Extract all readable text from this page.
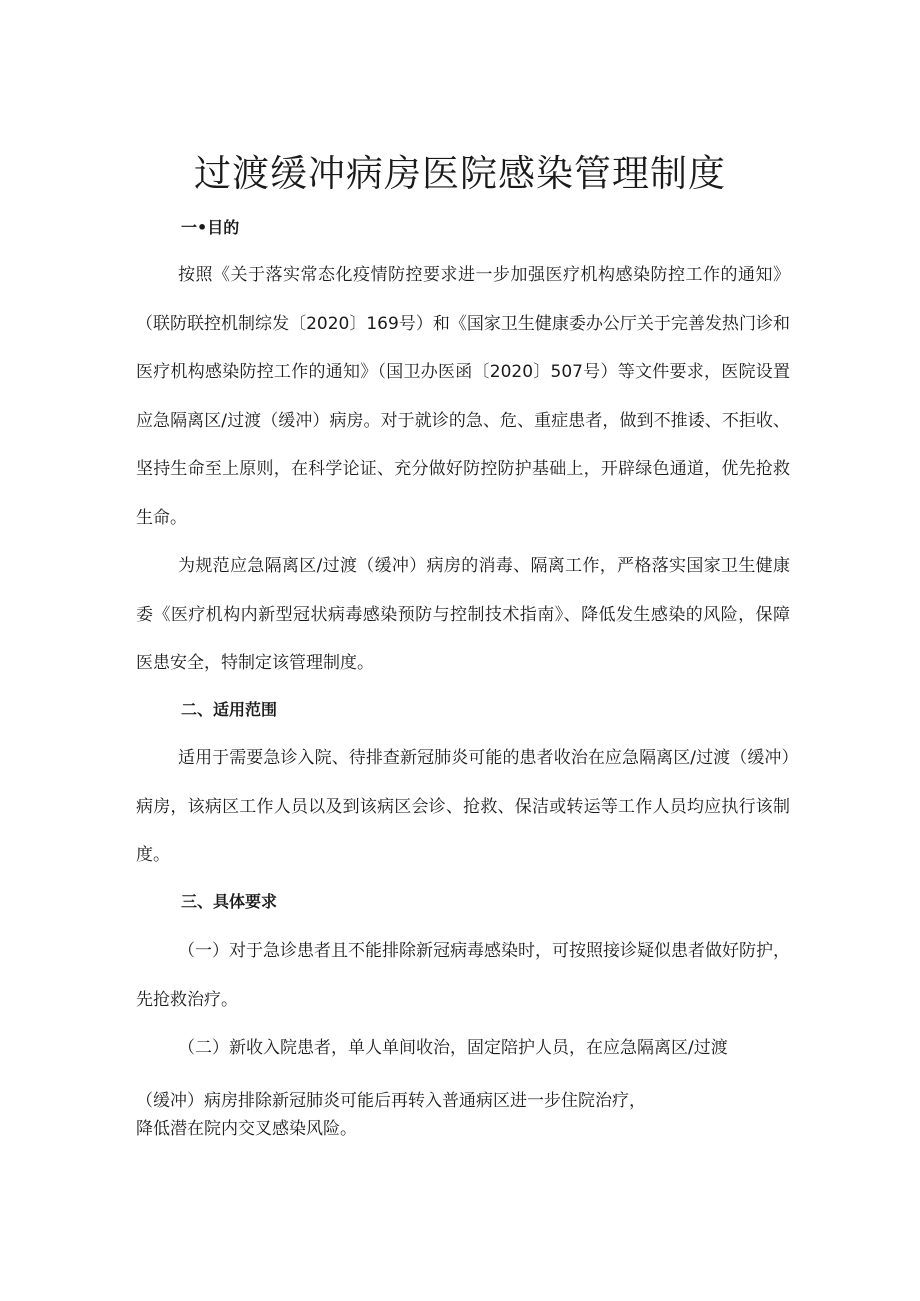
过渡缓冲病房医院感染管理制度
一•目的

按照《关于落实常态化疫情防控要求进一步加强医疗机构感染防控工作的通知》（联防联控机制综发〔2020〕169号）和《国家卫生健康委办公厅关于完善发热门诊和医疗机构感染防控工作的通知》（国卫办医函〔2020〕507号）等文件要求，医院设置应急隔离区/过渡（缓冲）病房。对于就诊的急、危、重症患者，做到不推诿、不拒收、坚持生命至上原则，在科学论证、充分做好防控防护基础上，开辟绿色通道，优先抢救生命。

为规范应急隔离区/过渡（缓冲）病房的消毒、隔离工作，严格落实国家卫生健康委《医疗机构内新型冠状病毒感染预防与控制技术指南》、降低发生感染的风险，保障医患安全，特制定该管理制度。

二、适用范围

适用于需要急诊入院、待排查新冠肺炎可能的患者收治在应急隔离区/过渡（缓冲）病房，该病区工作人员以及到该病区会诊、抢救、保洁或转运等工作人员均应执行该制度。

三、具体要求

（一）对于急诊患者且不能排除新冠病毒感染时，可按照接诊疑似患者做好防护，先抢救治疗。

（二）新收入院患者，单人单间收治，固定陪护人员，在应急隔离区/过渡

（缓冲）病房排除新冠肺炎可能后再转入普通病区进一步住院治疗，
降低潜在院内交叉感染风险。
